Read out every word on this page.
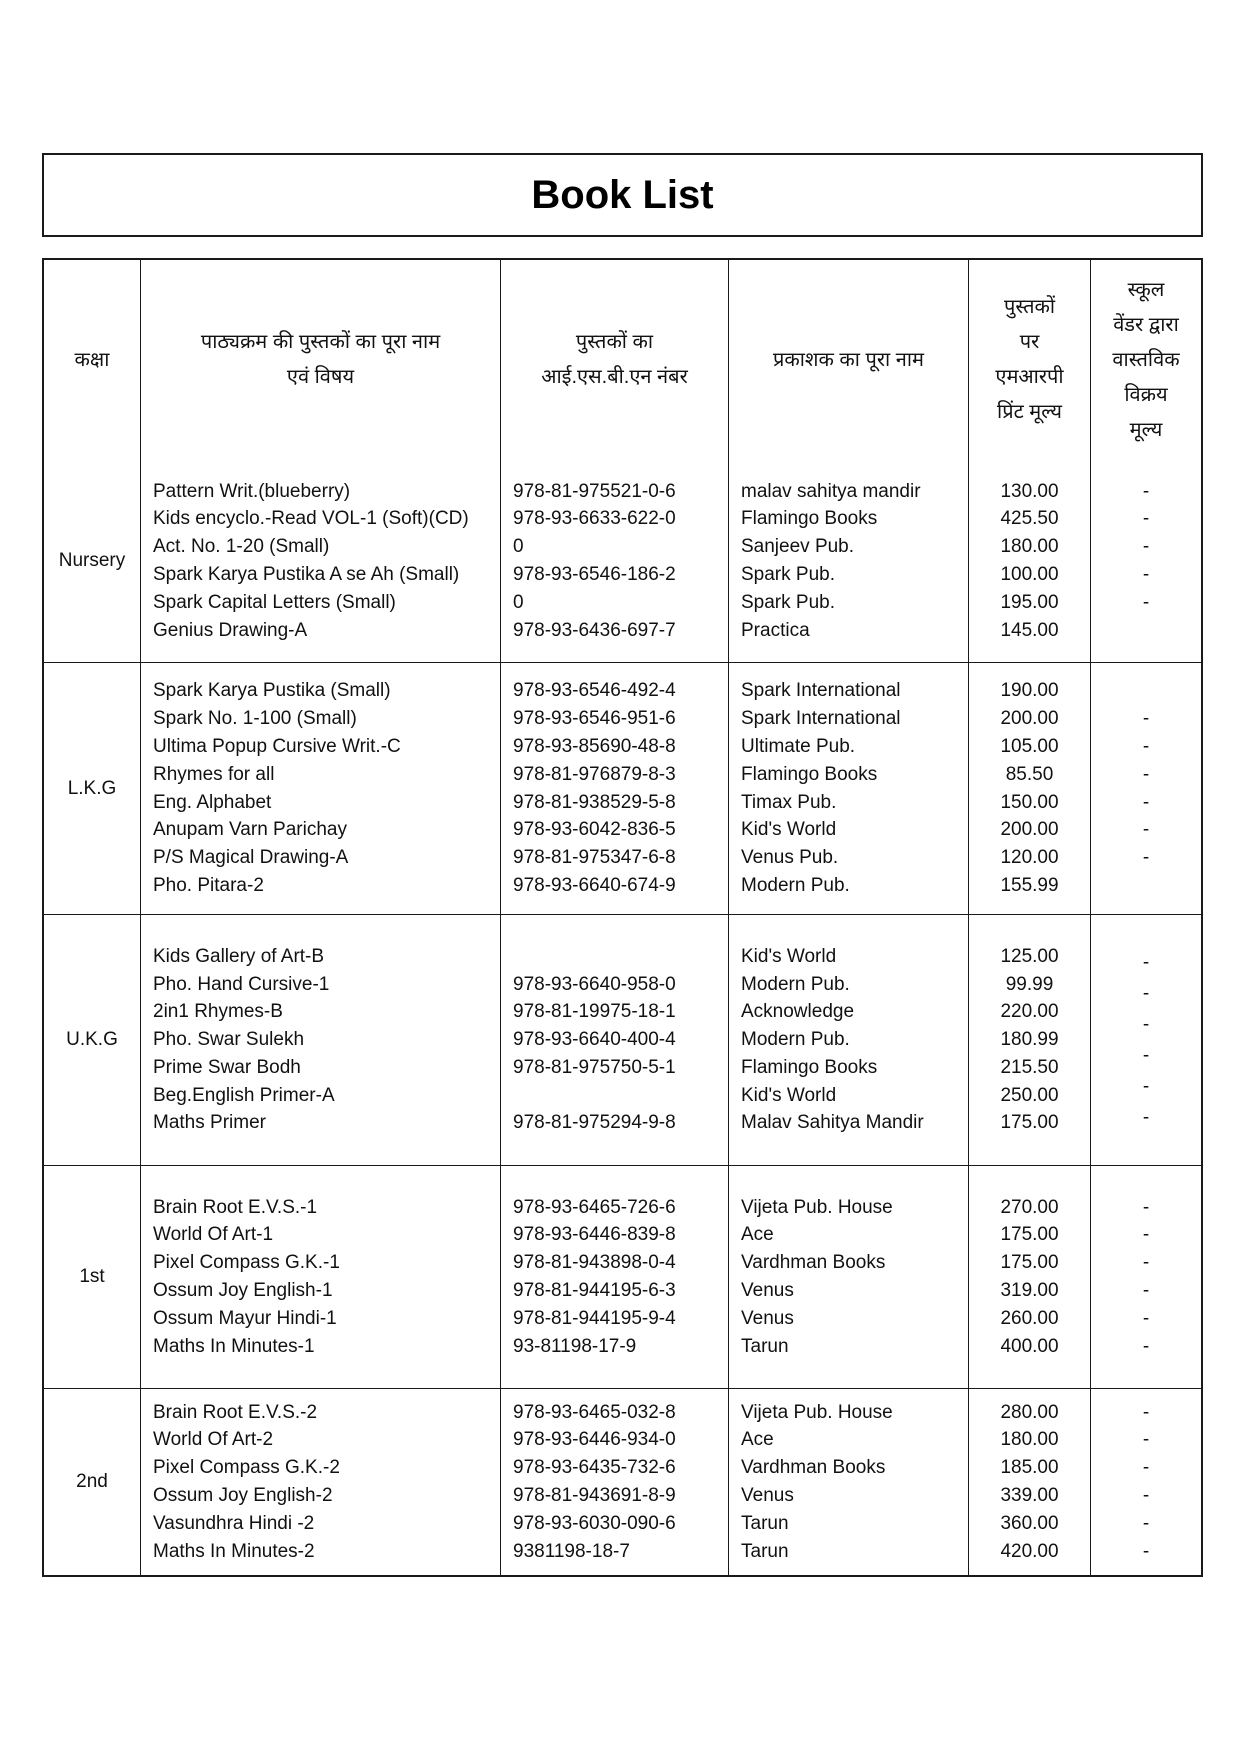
Book List
कक्षा
पाठ्यक्रम की पुस्तकों का पूरा नाम
एवं विषय
पुस्तकों का
आई.एस.बी.एन नंबर
प्रकाशक का पूरा नाम
पुस्तकों
पर
एमआरपी
प्रिंट मूल्य
स्कूल
वेंडर द्वारा
वास्तविक
विक्रय
मूल्य
Nursery
Pattern Writ.(blueberry)
Kids encyclo.-Read VOL-1 (Soft)(CD)
Act. No. 1-20 (Small)
Spark Karya Pustika A se Ah (Small)
Spark Capital Letters (Small)
Genius Drawing-A
978-81-975521-0-6
978-93-6633-622-0
0
978-93-6546-186-2
0
978-93-6436-697-7
malav sahitya mandir
Flamingo Books
Sanjeev Pub.
Spark Pub.
Spark Pub.
Practica
130.00
425.50
180.00
100.00
195.00
145.00
-
-
-
-
-
L.K.G
Spark Karya Pustika (Small)
Spark No. 1-100 (Small)
Ultima Popup Cursive Writ.-C
Rhymes for all
Eng. Alphabet
Anupam Varn Parichay
P/S Magical Drawing-A
Pho. Pitara-2
978-93-6546-492-4
978-93-6546-951-6
978-93-85690-48-8
978-81-976879-8-3
978-81-938529-5-8
978-93-6042-836-5
978-81-975347-6-8
978-93-6640-674-9
Spark International
Spark International
Ultimate Pub.
Flamingo Books
Timax Pub.
Kid's World
Venus Pub.
Modern Pub.
190.00
200.00
105.00
85.50
150.00
200.00
120.00
155.99
-
-
-
-
-
-
U.K.G
Kids Gallery of Art-B
Pho. Hand Cursive-1
2in1 Rhymes-B
Pho. Swar Sulekh
Prime Swar Bodh
Beg.English Primer-A
Maths Primer
978-93-6640-958-0
978-81-19975-18-1
978-93-6640-400-4
978-81-975750-5-1
978-81-975294-9-8
Kid's World
Modern Pub.
Acknowledge
Modern Pub.
Flamingo Books
Kid's World
Malav Sahitya Mandir
125.00
99.99
220.00
180.99
215.50
250.00
175.00
-
-
-
-
-
-
1st
Brain Root E.V.S.-1
World Of Art-1
Pixel Compass G.K.-1
Ossum Joy English-1
Ossum Mayur Hindi-1
Maths In Minutes-1
978-93-6465-726-6
978-93-6446-839-8
978-81-943898-0-4
978-81-944195-6-3
978-81-944195-9-4
93-81198-17-9
Vijeta Pub. House
Ace
Vardhman Books
Venus
Venus
Tarun
270.00
175.00
175.00
319.00
260.00
400.00
-
-
-
-
-
-
2nd
Brain Root E.V.S.-2
World Of Art-2
Pixel Compass G.K.-2
Ossum Joy English-2
Vasundhra Hindi -2
Maths In Minutes-2
978-93-6465-032-8
978-93-6446-934-0
978-93-6435-732-6
978-81-943691-8-9
978-93-6030-090-6
9381198-18-7
Vijeta Pub. House
Ace
Vardhman Books
Venus
Tarun
Tarun
280.00
180.00
185.00
339.00
360.00
420.00
-
-
-
-
-
-
